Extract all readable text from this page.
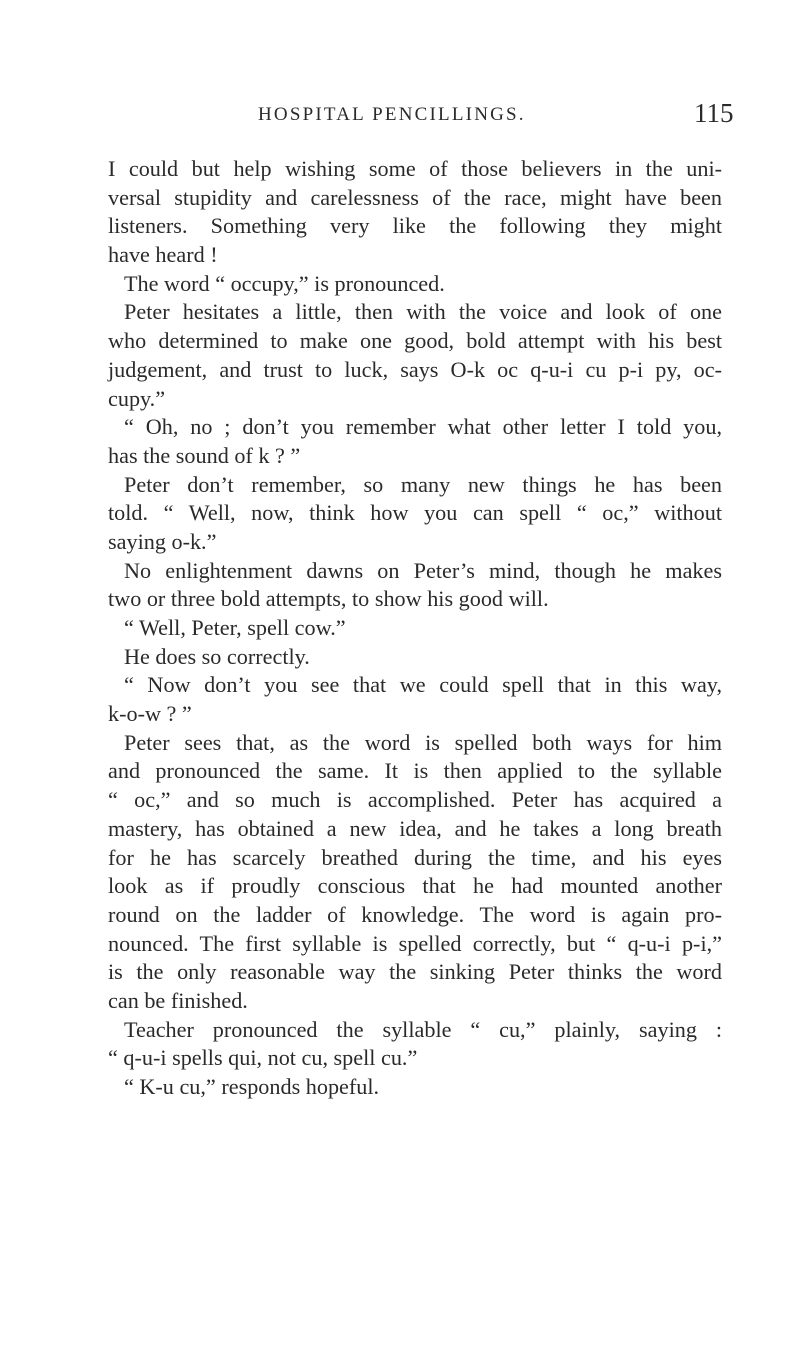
HOSPITAL PENCILLINGS.	115
I could but help wishing some of those believers in the uni-
versal stupidity and carelessness of the race, might have been
listeners. Something very like the following they might
have heard !
The word “ occupy,” is pronounced.
Peter hesitates a little, then with the voice and look of one
who determined to make one good, bold attempt with his best
judgement, and trust to luck, says O-k oc q-u-i cu p-i py, oc-
cupy.”
“ Oh, no ; don’t you remember what other letter I told you,
has the sound of k ? ”
Peter don’t remember, so many new things he has been
told. “ Well, now, think how you can spell “ oc,” without
saying o-k.”
No enlightenment dawns on Peter’s mind, though he makes
two or three bold attempts, to show his good will.
“ Well, Peter, spell cow.”
He does so correctly.
“ Now don’t you see that we could spell that in this way,
k-o-w ? ”
Peter sees that, as the word is spelled both ways for him
and pronounced the same. It is then applied to the syllable
“ oc,” and so much is accomplished. Peter has acquired a
mastery, has obtained a new idea, and he takes a long breath
for he has scarcely breathed during the time, and his eyes
look as if proudly conscious that he had mounted another
round on the ladder of knowledge. The word is again pro-
nounced. The first syllable is spelled correctly, but “ q-u-i p-i,”
is the only reasonable way the sinking Peter thinks the word
can be finished.
Teacher pronounced the syllable “ cu,” plainly, saying :
“ q-u-i spells qui, not cu, spell cu.”
“ K-u cu,” responds hopeful.
